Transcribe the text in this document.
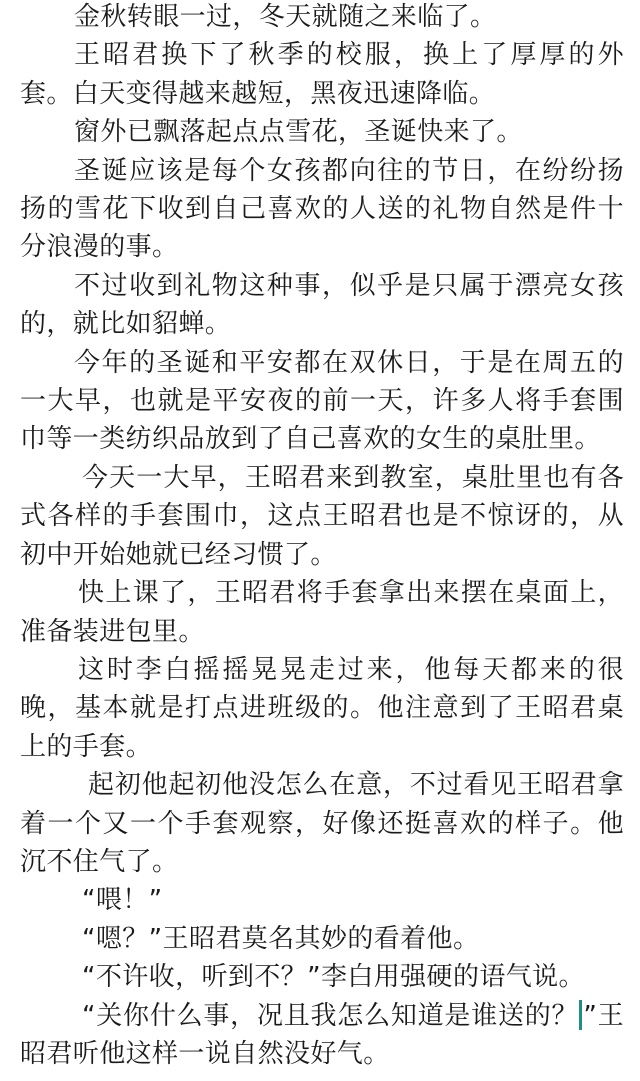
金秋转眼一过，冬天就随之来临了。

王昭君换下了秋季的校服，换上了厚厚的外套。白天变得越来越短，黑夜迅速降临。

窗外已飘落起点点雪花，圣诞快来了。

圣诞应该是每个女孩都向往的节日，在纷纷扬扬的雪花下收到自己喜欢的人送的礼物自然是件十分浪漫的事。

不过收到礼物这种事，似乎是只属于漂亮女孩的，就比如貂蝉。

今年的圣诞和平安都在双休日，于是在周五的一大早，也就是平安夜的前一天，许多人将手套围巾等一类纺织品放到了自己喜欢的女生的桌肚里。

今天一大早，王昭君来到教室，桌肚里也有各式各样的手套围巾，这点王昭君也是不惊讶的，从初中开始她就已经习惯了。

快上课了，王昭君将手套拿出来摆在桌面上，准备装进包里。

这时李白摇摇晃晃走过来，他每天都来的很晚，基本就是打点进班级的。他注意到了王昭君桌上的手套。

起初他起初他没怎么在意，不过看见王昭君拿着一个又一个手套观察，好像还挺喜欢的样子。他沉不住气了。

“喂！”

“嗯？”王昭君莫名其妙的看着他。

“不许收，听到不？”李白用强硬的语气说。

“关你什么事，况且我怎么知道是谁送的？ ”王昭君听他这样一说自然没好气。
